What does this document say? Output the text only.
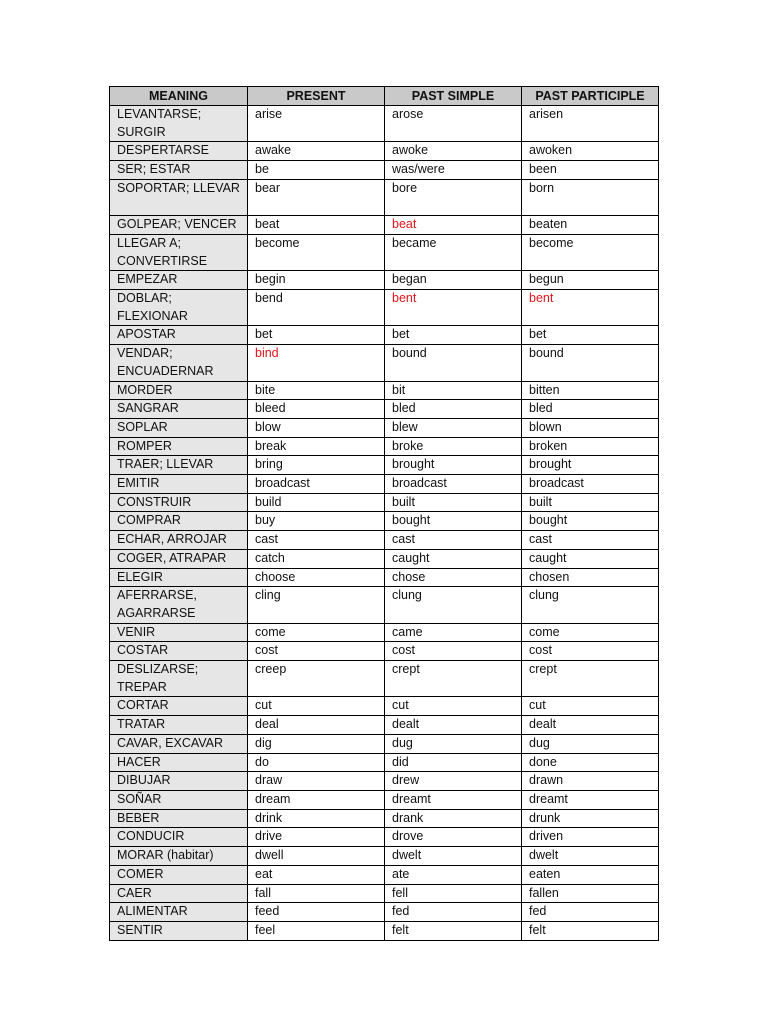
MEANING	PRESENT	PAST SIMPLE	PAST PARTICIPLE
LEVANTARSE; SURGIR	arise	arose	arisen
DESPERTARSE	awake	awoke	awoken
SER; ESTAR	be	was/were	been
SOPORTAR; LLEVAR	bear	bore	born
GOLPEAR; VENCER	beat	beat	beaten
LLEGAR A; CONVERTIRSE	become	became	become
EMPEZAR	begin	began	begun
DOBLAR; FLEXIONAR	bend	bent	bent
APOSTAR	bet	bet	bet
VENDAR; ENCUADERNAR	bind	bound	bound
MORDER	bite	bit	bitten
SANGRAR	bleed	bled	bled
SOPLAR	blow	blew	blown
ROMPER	break	broke	broken
TRAER; LLEVAR	bring	brought	brought
EMITIR	broadcast	broadcast	broadcast
CONSTRUIR	build	built	built
COMPRAR	buy	bought	bought
ECHAR, ARROJAR	cast	cast	cast
COGER, ATRAPAR	catch	caught	caught
ELEGIR	choose	chose	chosen
AFERRARSE, AGARRARSE	cling	clung	clung
VENIR	come	came	come
COSTAR	cost	cost	cost
DESLIZARSE; TREPAR	creep	crept	crept
CORTAR	cut	cut	cut
TRATAR	deal	dealt	dealt
CAVAR, EXCAVAR	dig	dug	dug
HACER	do	did	done
DIBUJAR	draw	drew	drawn
SOÑAR	dream	dreamt	dreamt
BEBER	drink	drank	drunk
CONDUCIR	drive	drove	driven
MORAR (habitar)	dwell	dwelt	dwelt
COMER	eat	ate	eaten
CAER	fall	fell	fallen
ALIMENTAR	feed	fed	fed
SENTIR	feel	felt	felt
